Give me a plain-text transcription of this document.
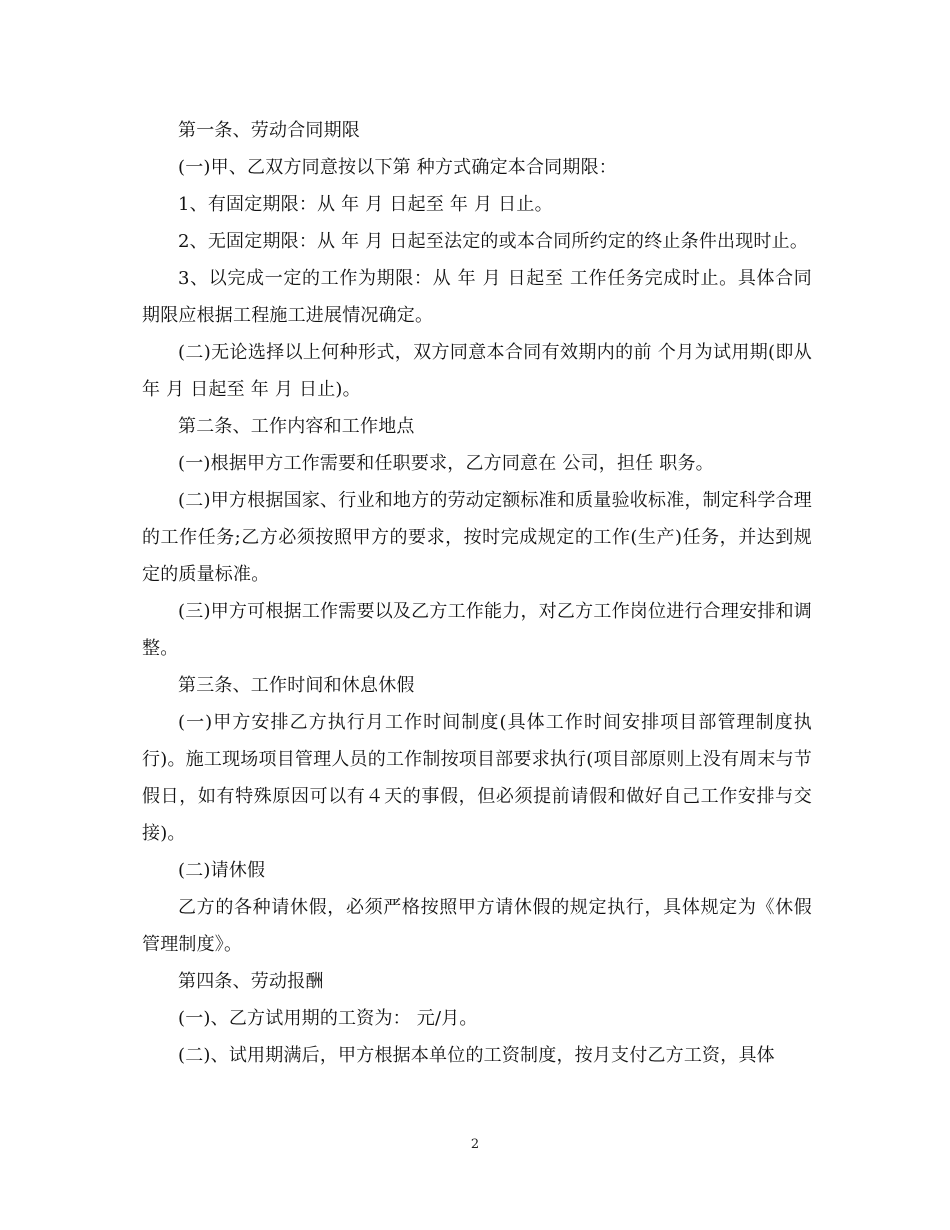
第一条、劳动合同期限

(一)甲、乙双方同意按以下第 种方式确定本合同期限：

1、有固定期限：从 年 月 日起至 年 月 日止。

2、无固定期限：从 年 月 日起至法定的或本合同所约定的终止条件出现时止。

3、以完成一定的工作为期限：从 年 月 日起至 工作任务完成时止。具体合同期限应根据工程施工进展情况确定。

(二)无论选择以上何种形式，双方同意本合同有效期内的前 个月为试用期(即从 年 月 日起至 年 月 日止)。

第二条、工作内容和工作地点

(一)根据甲方工作需要和任职要求，乙方同意在 公司，担任 职务。

(二)甲方根据国家、行业和地方的劳动定额标准和质量验收标准，制定科学合理的工作任务;乙方必须按照甲方的要求，按时完成规定的工作(生产)任务，并达到规定的质量标准。

(三)甲方可根据工作需要以及乙方工作能力，对乙方工作岗位进行合理安排和调整。

第三条、工作时间和休息休假

(一)甲方安排乙方执行月工作时间制度(具体工作时间安排项目部管理制度执行)。施工现场项目管理人员的工作制按项目部要求执行(项目部原则上没有周末与节假日，如有特殊原因可以有４天的事假，但必须提前请假和做好自己工作安排与交接)。

(二)请休假

乙方的各种请休假，必须严格按照甲方请休假的规定执行，具体规定为《休假管理制度》。

第四条、劳动报酬

(一)、乙方试用期的工资为： 元/月。

(二)、试用期满后，甲方根据本单位的工资制度，按月支付乙方工资，具体

2
